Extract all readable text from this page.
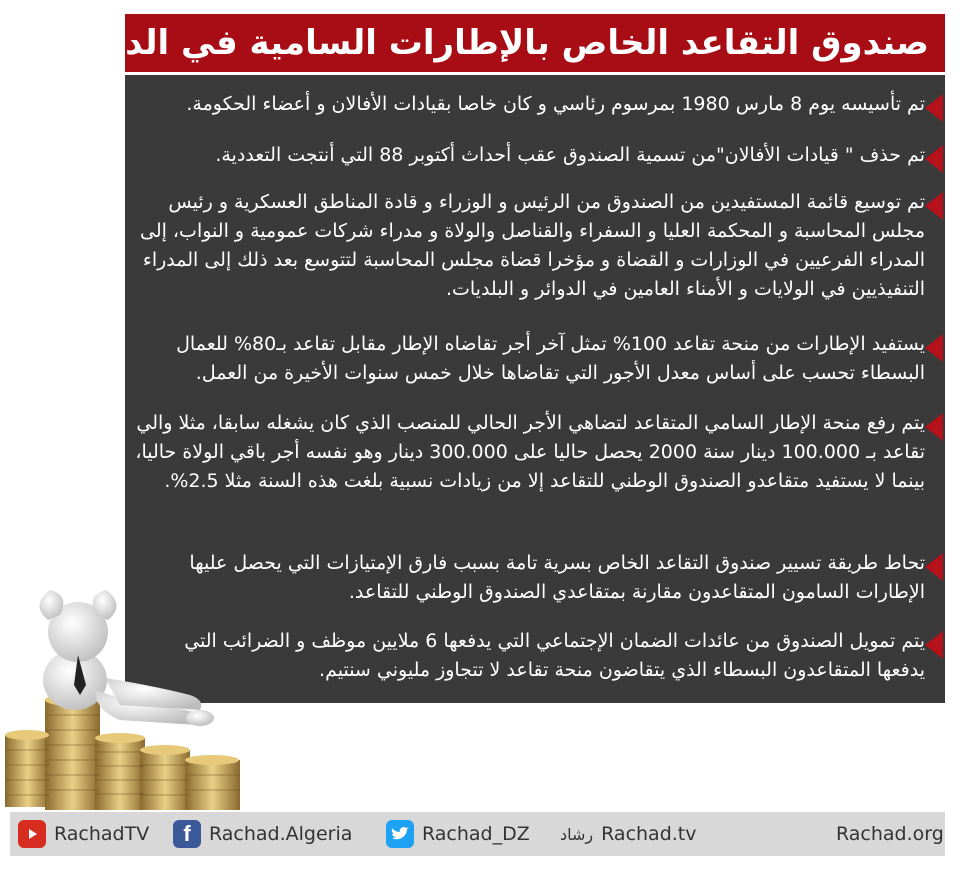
صندوق التقاعد الخاص بالإطارات السامية في الدولة
تم تأسيسه يوم 8 مارس 1980 بمرسوم رئاسي و كان خاصا بقيادات الأفالان و أعضاء الحكومة.
تم حذف " قيادات الأفالان"من تسمية الصندوق عقب أحداث أكتوبر 88 التي أنتجت التعددية.
تم توسيع قائمة المستفيدين من الصندوق من الرئيس و الوزراء و قادة المناطق العسكرية و رئيس مجلس المحاسبة و المحكمة العليا و السفراء والقناصل والولاة و مدراء شركات عمومية و النواب، إلى المدراء الفرعيين في الوزارات و القضاة و مؤخرا قضاة مجلس المحاسبة لتتوسع بعد ذلك إلى المدراء التنفيذيين في الولايات و الأمناء العامين في الدوائر و البلديات.
يستفيد الإطارات من منحة تقاعد 100% تمثل آخر أجر تقاضاه الإطار مقابل تقاعد بـ80% للعمال البسطاء تحسب على أساس معدل الأجور التي تقاضاها خلال خمس سنوات الأخيرة من العمل.
يتم رفع منحة الإطار السامي المتقاعد لتضاهي الأجر الحالي للمنصب الذي كان يشغله سابقا، مثلا والي تقاعد بـ 100.000 دينار سنة 2000 يحصل حاليا على 300.000 دينار وهو نفسه أجر باقي الولاة حاليا، بينما لا يستفيد متقاعدو الصندوق الوطني للتقاعد إلا من زيادات نسبية بلغت هذه السنة مثلا 2.5%.
تحاط طريقة تسيير صندوق التقاعد الخاص بسرية تامة بسبب فارق الإمتيازات التي يحصل عليها الإطارات السامون المتقاعدون مقارنة بمتقاعدي الصندوق الوطني للتقاعد.
يتم تمويل الصندوق من عائدات الضمان الإجتماعي التي يدفعها 6 ملايين موظف و الضرائب التي يدفعها المتقاعدون البسطاء الذي يتقاضون منحة تقاعد لا تتجاوز مليوني سنتيم.
RachadTV f Rachad.Algeria	Rachad_DZ رشاد Rachad.tv	Rachad.org
